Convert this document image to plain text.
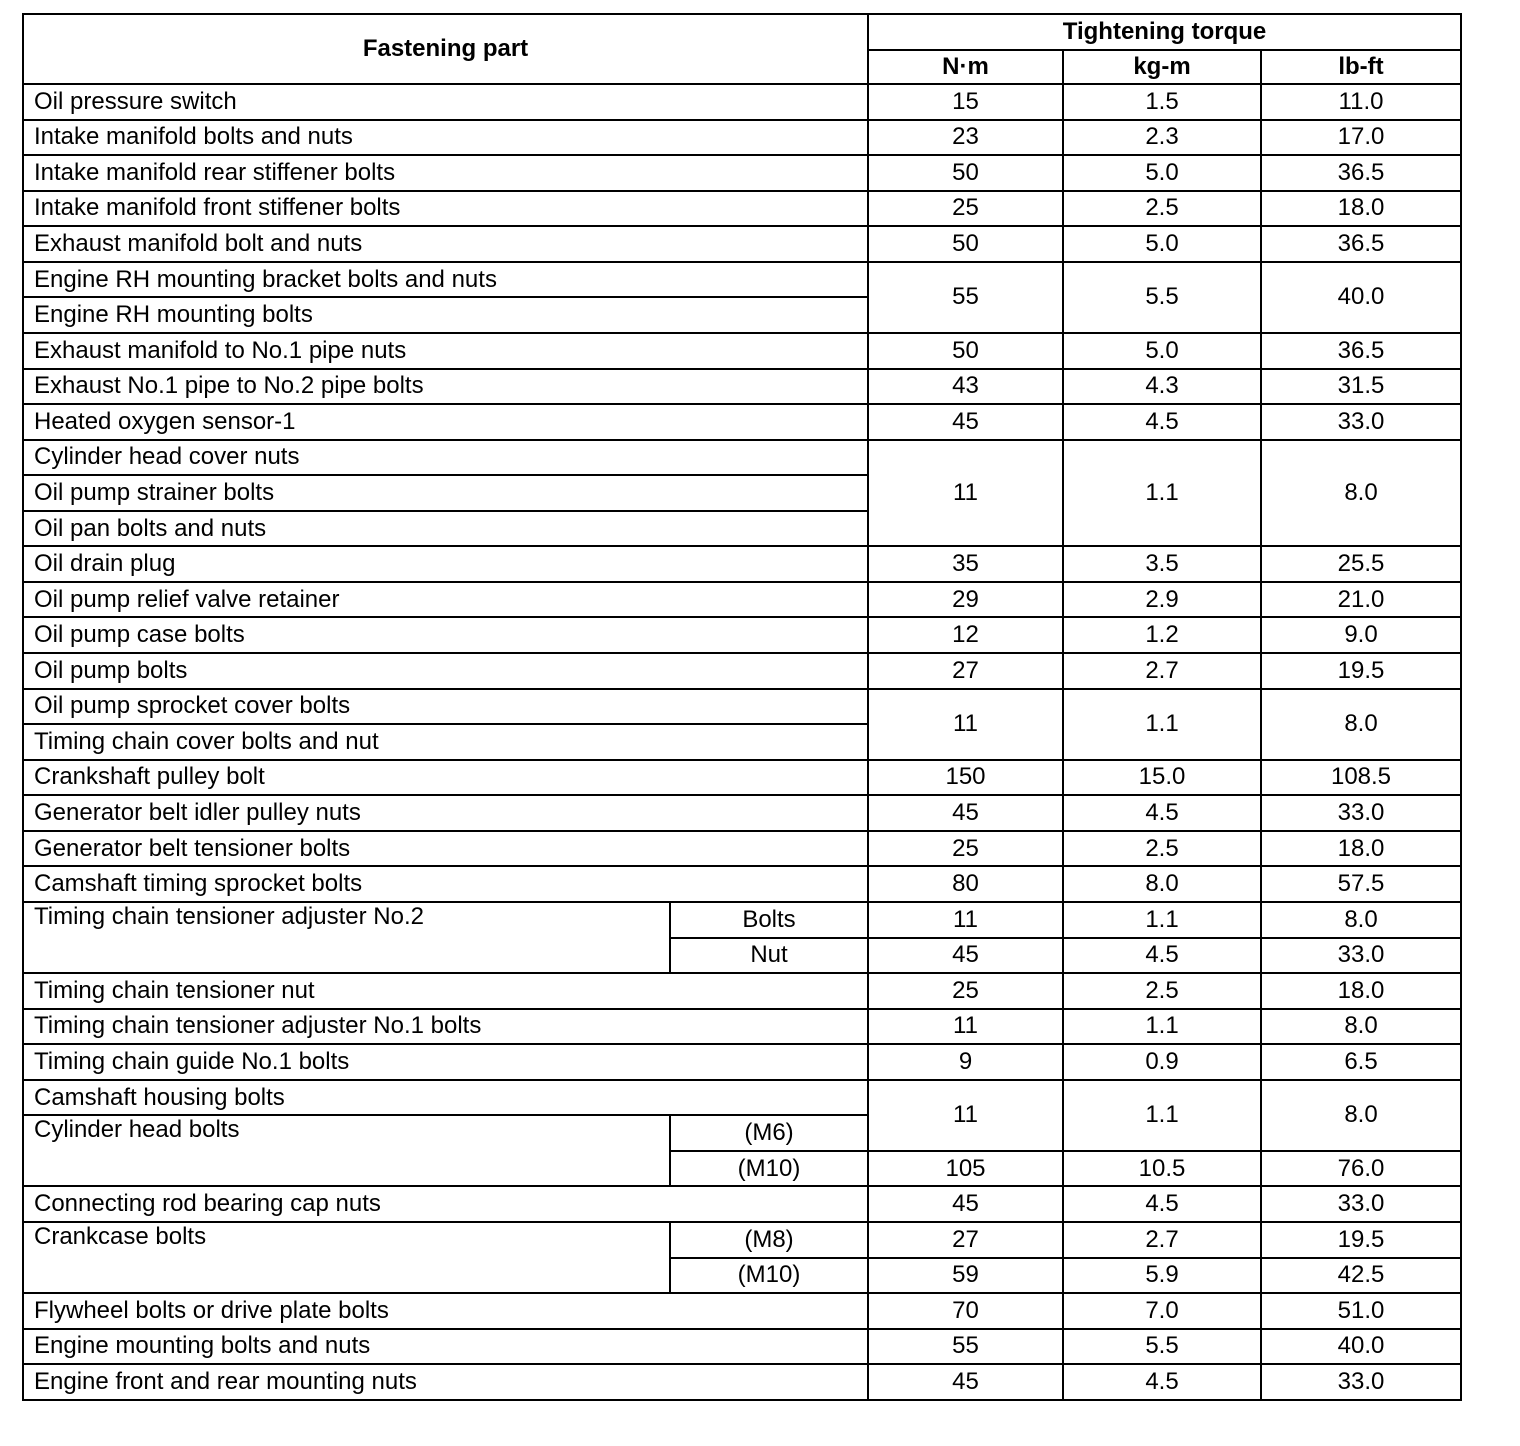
Fastening part		Tightening torque		
		N·m	kg-m	lb-ft
Oil pressure switch		15	1.5	11.0
Intake manifold bolts and nuts		23	2.3	17.0
Intake manifold rear stiffener bolts		50	5.0	36.5
Intake manifold front stiffener bolts		25	2.5	18.0
Exhaust manifold bolt and nuts		50	5.0	36.5
Engine RH mounting bracket bolts and nuts		55	5.5	40.0
Engine RH mounting bolts				
Exhaust manifold to No.1 pipe nuts		50	5.0	36.5
Exhaust No.1 pipe to No.2 pipe bolts		43	4.3	31.5
Heated oxygen sensor-1		45	4.5	33.0
Cylinder head cover nuts		11	1.1	8.0
Oil pump strainer bolts				
Oil pan bolts and nuts				
Oil drain plug		35	3.5	25.5
Oil pump relief valve retainer		29	2.9	21.0
Oil pump case bolts		12	1.2	9.0
Oil pump bolts		27	2.7	19.5
Oil pump sprocket cover bolts		11	1.1	8.0
Timing chain cover bolts and nut				
Crankshaft pulley bolt		150	15.0	108.5
Generator belt idler pulley nuts		45	4.5	33.0
Generator belt tensioner bolts		25	2.5	18.0
Camshaft timing sprocket bolts		80	8.0	57.5
Timing chain tensioner adjuster No.2	Bolts	11	1.1	8.0
	Nut	45	4.5	33.0
Timing chain tensioner nut		25	2.5	18.0
Timing chain tensioner adjuster No.1 bolts		11	1.1	8.0
Timing chain guide No.1 bolts		9	0.9	6.5
Camshaft housing bolts		11	1.1	8.0
Cylinder head bolts	(M6)			
	(M10)	105	10.5	76.0
Connecting rod bearing cap nuts		45	4.5	33.0
Crankcase bolts	(M8)	27	2.7	19.5
	(M10)	59	5.9	42.5
Flywheel bolts or drive plate bolts		70	7.0	51.0
Engine mounting bolts and nuts		55	5.5	40.0
Engine front and rear mounting nuts		45	4.5	33.0
